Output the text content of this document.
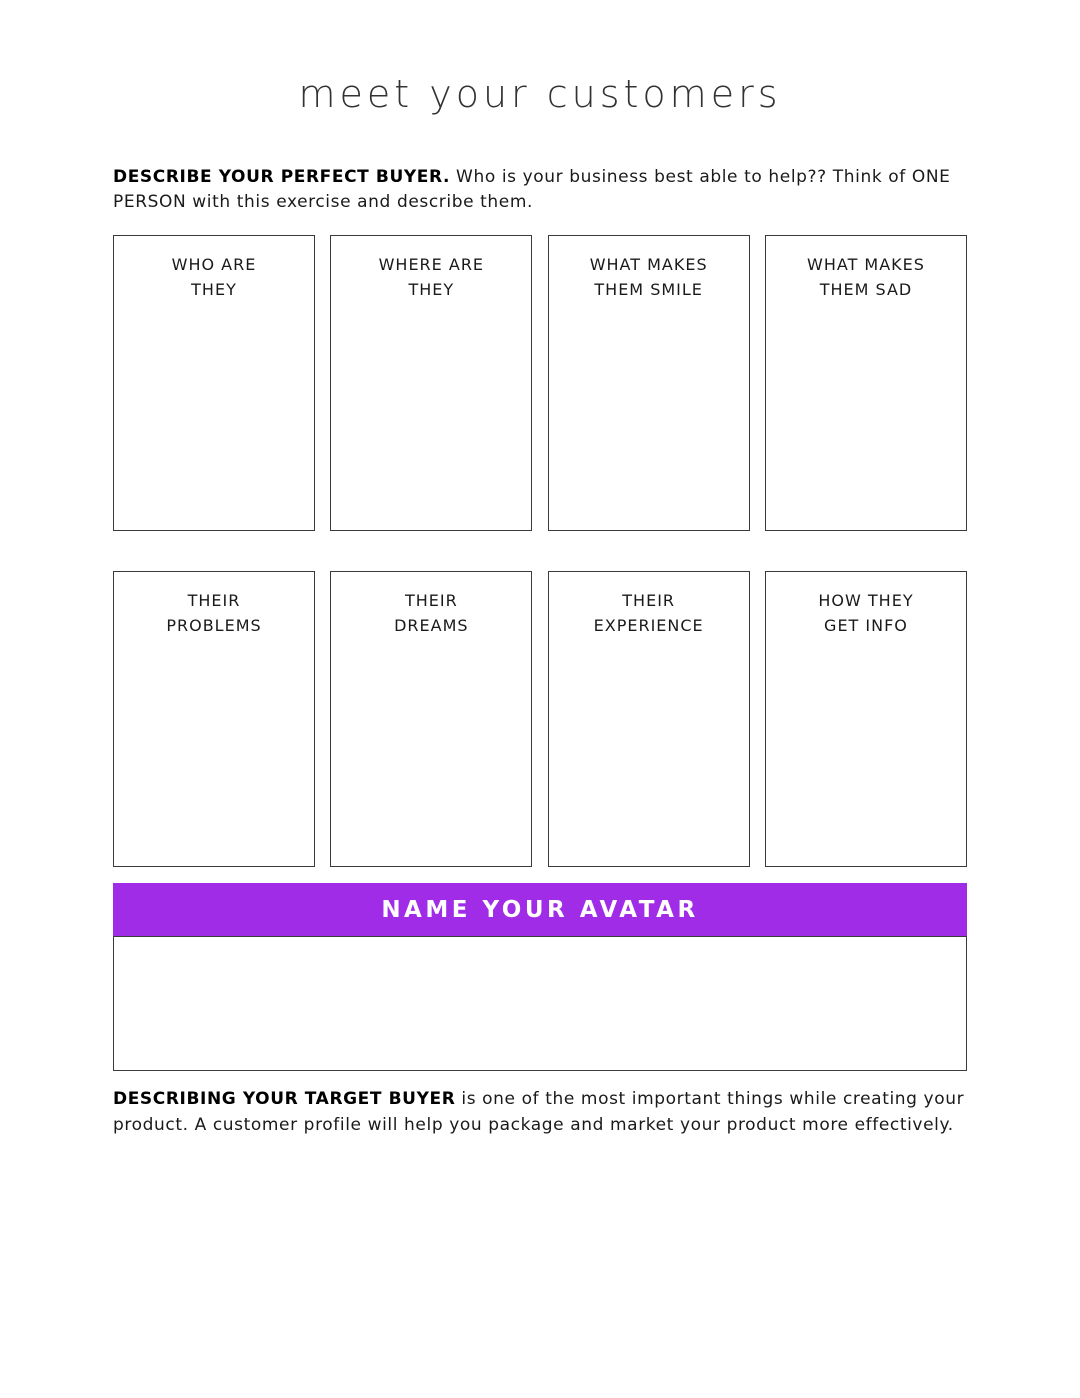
meet your customers
DESCRIBE YOUR PERFECT BUYER. Who is your business best able to help?? Think of ONE PERSON with this exercise and describe them.
WHO ARE
THEY
WHERE ARE
THEY
WHAT MAKES
THEM SMILE
WHAT MAKES
THEM SAD
THEIR
PROBLEMS
THEIR
DREAMS
THEIR
EXPERIENCE
HOW THEY
GET INFO
NAME YOUR AVATAR
DESCRIBING YOUR TARGET BUYER is one of the most important things while creating your product. A customer profile will help you package and market your product more effectively.
